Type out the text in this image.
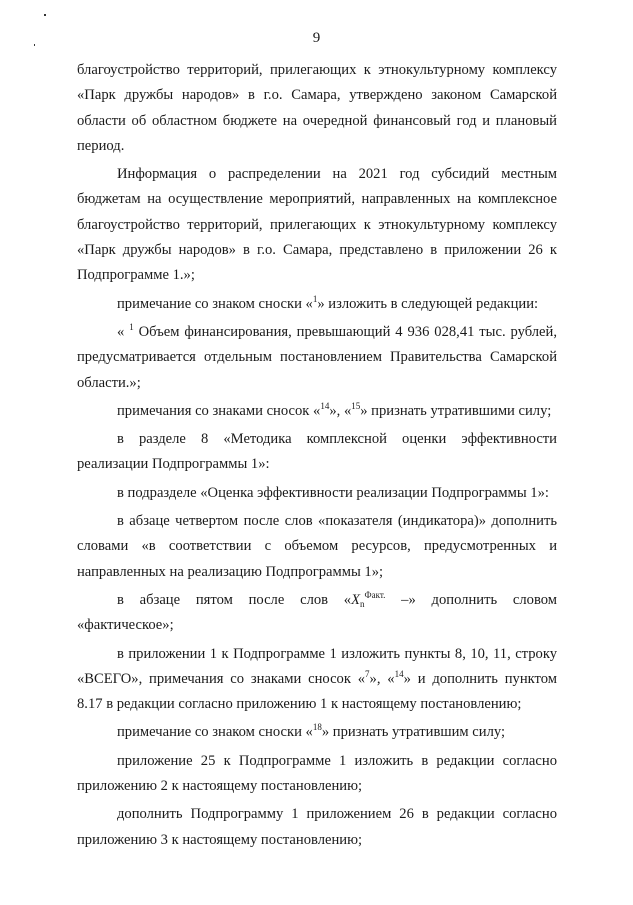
9

благоустройство территорий, прилегающих к этнокультурному комплексу «Парк дружбы народов» в г.о. Самара, утверждено законом Самарской области об областном бюджете на очередной финансовый год и плановый период.

Информация о распределении на 2021 год субсидий местным бюджетам на осуществление мероприятий, направленных на комплексное благоустройство территорий, прилегающих к этнокультурному комплексу «Парк дружбы народов» в г.о. Самара, представлено в приложении 26 к Подпрограмме 1.»;

примечание со знаком сноски «$^1$» изложить в следующей редакции:

« $^1$ Объем финансирования, превышающий 4 936 028,41 тыс. рублей, предусматривается отдельным постановлением Правительства Самарской области.»;

примечания со знаками сносок «$^{14}$», «$^{15}$» признать утратившими силу;

в разделе 8 «Методика комплексной оценки эффективности реализации Подпрограммы 1»:

в подразделе «Оценка эффективности реализации Подпрограммы 1»:

в абзаце четвертом после слов «показателя (индикатора)» дополнить словами «в соответствии с объемом ресурсов, предусмотренных и направленных на реализацию Подпрограммы 1»;

в абзаце пятом после слов «$X_n^{Факт.}$ –» дополнить словом «фактическое»;

в приложении 1 к Подпрограмме 1 изложить пункты 8, 10, 11, строку «ВСЕГО», примечания со знаками сносок «$^7$», «$^{14}$» и дополнить пунктом 8.17 в редакции согласно приложению 1 к настоящему постановлению;

примечание со знаком сноски «$^{18}$» признать утратившим силу;

приложение 25 к Подпрограмме 1 изложить в редакции согласно приложению 2 к настоящему постановлению;

дополнить Подпрограмму 1 приложением 26 в редакции согласно приложению 3 к настоящему постановлению;
